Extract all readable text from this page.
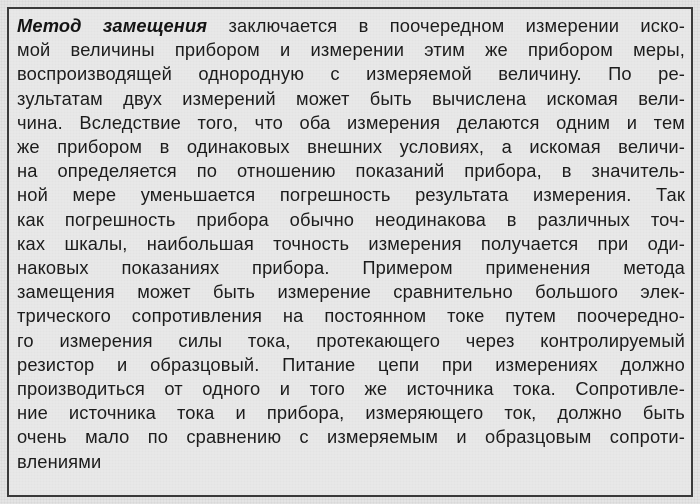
Метод замещения заключается в поочередном измерении иско-
мой величины прибором и измерении этим же прибором меры,
воспроизводящей однородную с измеряемой величину. По ре-
зультатам двух измерений может быть вычислена искомая вели-
чина. Вследствие того, что оба измерения делаются одним и тем
же прибором в одинаковых внешних условиях, а искомая величи-
на определяется по отношению показаний прибора, в значитель-
ной мере уменьшается погрешность результата измерения. Так
как погрешность прибора обычно неодинакова в различных точ-
ках шкалы, наибольшая точность измерения получается при оди-
наковых показаниях прибора. Примером применения метода
замещения может быть измерение сравнительно большого элек-
трического сопротивления на постоянном токе путем поочередно-
го измерения силы тока, протекающего через контролируемый
резистор и образцовый. Питание цепи при измерениях должно
производиться от одного и того же источника тока. Сопротивле-
ние источника тока и прибора, измеряющего ток, должно быть
очень мало по сравнению с измеряемым и образцовым сопроти-
влениями
